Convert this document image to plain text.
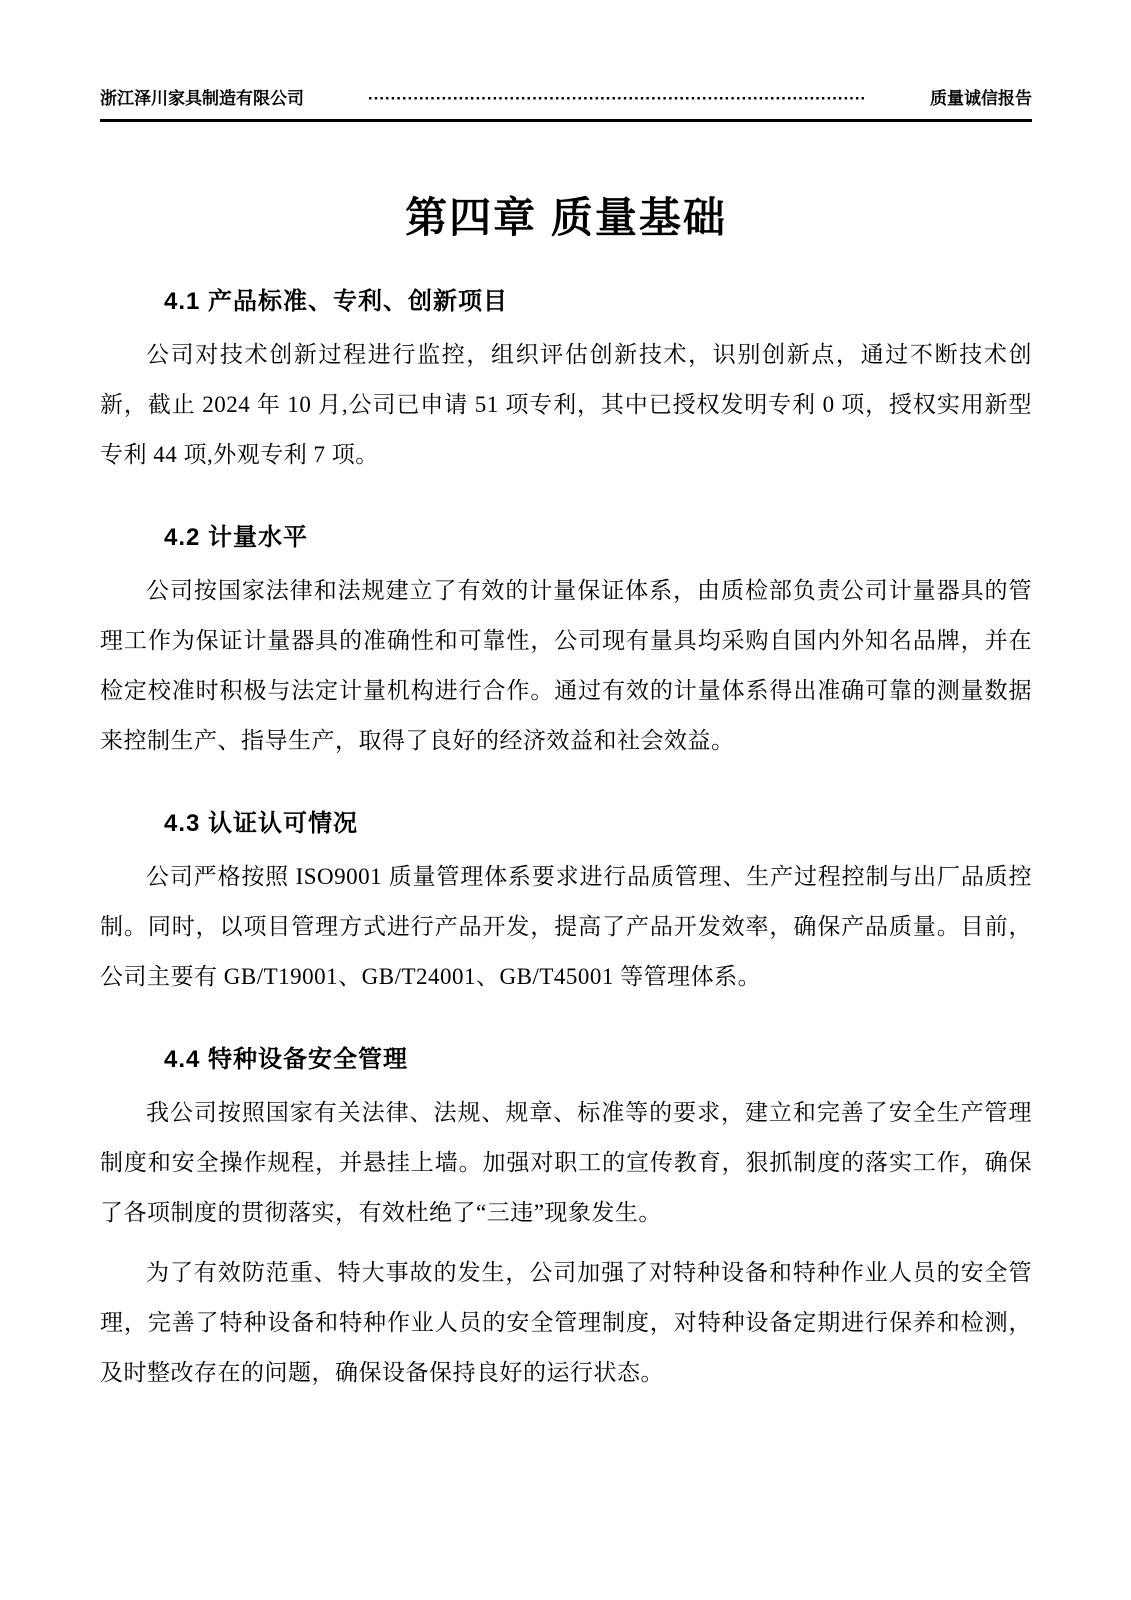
浙江泽川家具制造有限公司	························································································	质量诚信报告
第四章 质量基础
4.1 产品标准、专利、创新项目

公司对技术创新过程进行监控，组织评估创新技术，识别创新点，通过不断技术创新，截止 2024 年 10 月,公司已申请 51 项专利，其中已授权发明专利 0 项，授权实用新型专利 44 项,外观专利 7 项。

4.2 计量水平

公司按国家法律和法规建立了有效的计量保证体系，由质检部负责公司计量器具的管理工作为保证计量器具的准确性和可靠性，公司现有量具均采购自国内外知名品牌，并在检定校准时积极与法定计量机构进行合作。通过有效的计量体系得出准确可靠的测量数据来控制生产、指导生产，取得了良好的经济效益和社会效益。

4.3 认证认可情况

公司严格按照 ISO9001 质量管理体系要求进行品质管理、生产过程控制与出厂品质控制。同时，以项目管理方式进行产品开发，提高了产品开发效率，确保产品质量。目前，公司主要有 GB/T19001、GB/T24001、GB/T45001 等管理体系。

4.4 特种设备安全管理

我公司按照国家有关法律、法规、规章、标准等的要求，建立和完善了安全生产管理制度和安全操作规程，并悬挂上墙。加强对职工的宣传教育，狠抓制度的落实工作，确保了各项制度的贯彻落实，有效杜绝了“三违”现象发生。

为了有效防范重、特大事故的发生，公司加强了对特种设备和特种作业人员的安全管理，完善了特种设备和特种作业人员的安全管理制度，对特种设备定期进行保养和检测，及时整改存在的问题，确保设备保持良好的运行状态。
